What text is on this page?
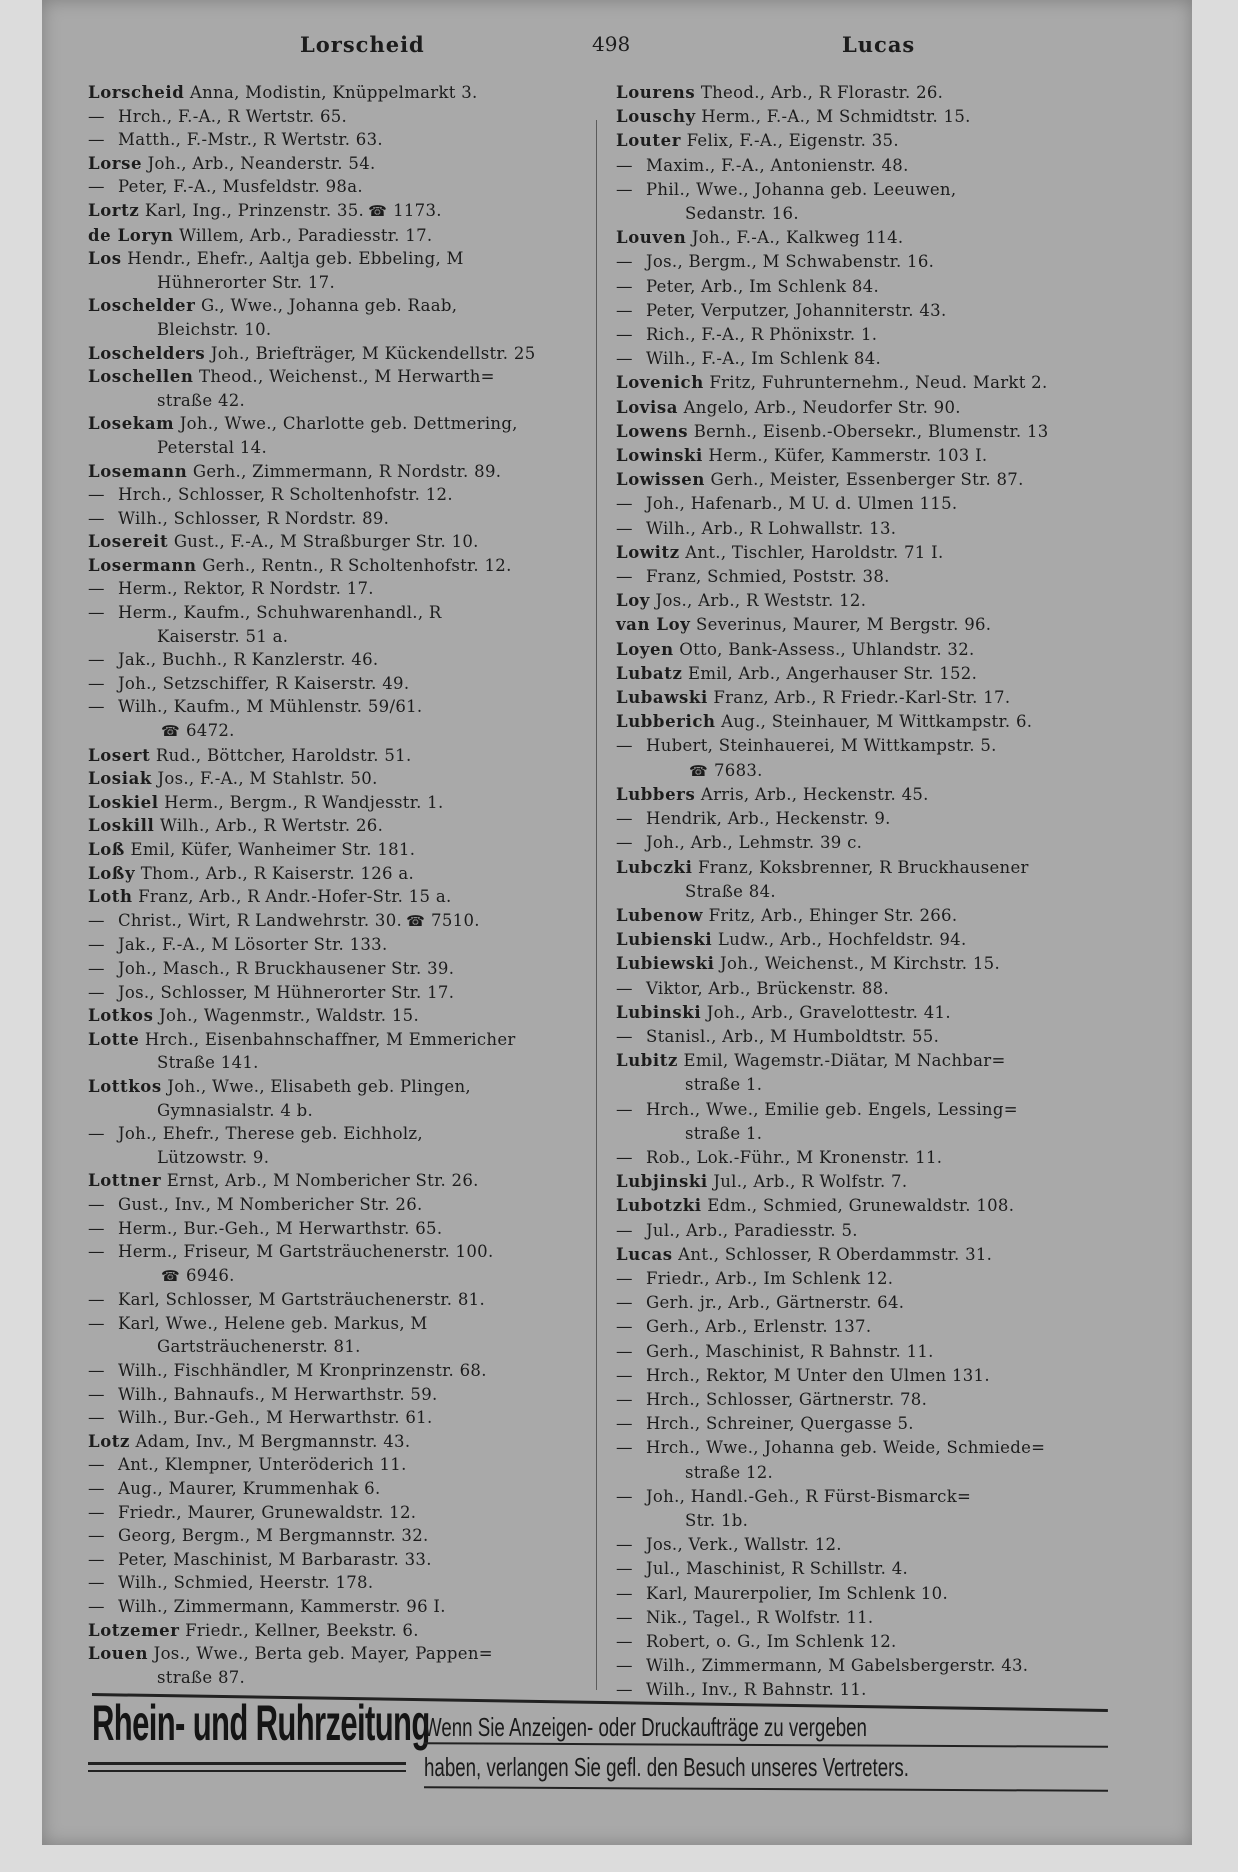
Lorscheid	498	Lucas
Lorscheid Anna, Modistin, Knüppelmarkt 3.
— Hrch., F.-A., R Wertstr. 65.
— Matth., F.-Mstr., R Wertstr. 63.
Lorse Joh., Arb., Neanderstr. 54.
— Peter, F.-A., Musfeldstr. 98a.
Lortz Karl, Ing., Prinzenstr. 35. ☎ 1173.
de Loryn Willem, Arb., Paradiesstr. 17.
Los Hendr., Ehefr., Aaltja geb. Ebbeling, M
Hühnerorter Str. 17.
Loschelder G., Wwe., Johanna geb. Raab,
Bleichstr. 10.
Loschelders Joh., Briefträger, M Kückendellstr. 25
Loschellen Theod., Weichenst., M Herwarth=
straße 42.
Losekam Joh., Wwe., Charlotte geb. Dettmering,
Peterstal 14.
Losemann Gerh., Zimmermann, R Nordstr. 89.
— Hrch., Schlosser, R Scholtenhofstr. 12.
— Wilh., Schlosser, R Nordstr. 89.
Losereit Gust., F.-A., M Straßburger Str. 10.
Losermann Gerh., Rentn., R Scholtenhofstr. 12.
— Herm., Rektor, R Nordstr. 17.
— Herm., Kaufm., Schuhwarenhandl., R
Kaiserstr. 51 a.
— Jak., Buchh., R Kanzlerstr. 46.
— Joh., Setzschiffer, R Kaiserstr. 49.
— Wilh., Kaufm., M Mühlenstr. 59/61.
☎ 6472.
Losert Rud., Böttcher, Haroldstr. 51.
Losiak Jos., F.-A., M Stahlstr. 50.
Loskiel Herm., Bergm., R Wandjesstr. 1.
Loskill Wilh., Arb., R Wertstr. 26.
Loß Emil, Küfer, Wanheimer Str. 181.
Loßy Thom., Arb., R Kaiserstr. 126 a.
Loth Franz, Arb., R Andr.-Hofer-Str. 15 a.
— Christ., Wirt, R Landwehrstr. 30. ☎ 7510.
— Jak., F.-A., M Lösorter Str. 133.
— Joh., Masch., R Bruckhausener Str. 39.
— Jos., Schlosser, M Hühnerorter Str. 17.
Lotkos Joh., Wagenmstr., Waldstr. 15.
Lotte Hrch., Eisenbahnschaffner, M Emmericher
Straße 141.
Lottkos Joh., Wwe., Elisabeth geb. Plingen,
Gymnasialstr. 4 b.
— Joh., Ehefr., Therese geb. Eichholz,
Lützowstr. 9.
Lottner Ernst, Arb., M Nombericher Str. 26.
— Gust., Inv., M Nombericher Str. 26.
— Herm., Bur.-Geh., M Herwarthstr. 65.
— Herm., Friseur, M Gartsträuchenerstr. 100.
☎ 6946.
— Karl, Schlosser, M Gartsträuchenerstr. 81.
— Karl, Wwe., Helene geb. Markus, M
Gartsträuchenerstr. 81.
— Wilh., Fischhändler, M Kronprinzenstr. 68.
— Wilh., Bahnaufs., M Herwarthstr. 59.
— Wilh., Bur.-Geh., M Herwarthstr. 61.
Lotz Adam, Inv., M Bergmannstr. 43.
— Ant., Klempner, Unteröderich 11.
— Aug., Maurer, Krummenhak 6.
— Friedr., Maurer, Grunewaldstr. 12.
— Georg, Bergm., M Bergmannstr. 32.
— Peter, Maschinist, M Barbarastr. 33.
— Wilh., Schmied, Heerstr. 178.
— Wilh., Zimmermann, Kammerstr. 96 I.
Lotzemer Friedr., Kellner, Beekstr. 6.
Louen Jos., Wwe., Berta geb. Mayer, Pappen=
straße 87.
Lourens Theod., Arb., R Florastr. 26.
Louschy Herm., F.-A., M Schmidtstr. 15.
Louter Felix, F.-A., Eigenstr. 35.
— Maxim., F.-A., Antonienstr. 48.
— Phil., Wwe., Johanna geb. Leeuwen,
Sedanstr. 16.
Louven Joh., F.-A., Kalkweg 114.
— Jos., Bergm., M Schwabenstr. 16.
— Peter, Arb., Im Schlenk 84.
— Peter, Verputzer, Johanniterstr. 43.
— Rich., F.-A., R Phönixstr. 1.
— Wilh., F.-A., Im Schlenk 84.
Lovenich Fritz, Fuhrunternehm., Neud. Markt 2.
Lovisa Angelo, Arb., Neudorfer Str. 90.
Lowens Bernh., Eisenb.-Obersekr., Blumenstr. 13
Lowinski Herm., Küfer, Kammerstr. 103 I.
Lowissen Gerh., Meister, Essenberger Str. 87.
— Joh., Hafenarb., M U. d. Ulmen 115.
— Wilh., Arb., R Lohwallstr. 13.
Lowitz Ant., Tischler, Haroldstr. 71 I.
— Franz, Schmied, Poststr. 38.
Loy Jos., Arb., R Weststr. 12.
van Loy Severinus, Maurer, M Bergstr. 96.
Loyen Otto, Bank-Assess., Uhlandstr. 32.
Lubatz Emil, Arb., Angerhauser Str. 152.
Lubawski Franz, Arb., R Friedr.-Karl-Str. 17.
Lubberich Aug., Steinhauer, M Wittkampstr. 6.
— Hubert, Steinhauerei, M Wittkampstr. 5.
☎ 7683.
Lubbers Arris, Arb., Heckenstr. 45.
— Hendrik, Arb., Heckenstr. 9.
— Joh., Arb., Lehmstr. 39 c.
Lubczki Franz, Koksbrenner, R Bruckhausener
Straße 84.
Lubenow Fritz, Arb., Ehinger Str. 266.
Lubienski Ludw., Arb., Hochfeldstr. 94.
Lubiewski Joh., Weichenst., M Kirchstr. 15.
— Viktor, Arb., Brückenstr. 88.
Lubinski Joh., Arb., Gravelottestr. 41.
— Stanisl., Arb., M Humboldtstr. 55.
Lubitz Emil, Wagemstr.-Diätar, M Nachbar=
straße 1.
— Hrch., Wwe., Emilie geb. Engels, Lessing=
straße 1.
— Rob., Lok.-Führ., M Kronenstr. 11.
Lubjinski Jul., Arb., R Wolfstr. 7.
Lubotzki Edm., Schmied, Grunewaldstr. 108.
— Jul., Arb., Paradiesstr. 5.
Lucas Ant., Schlosser, R Oberdammstr. 31.
— Friedr., Arb., Im Schlenk 12.
— Gerh. jr., Arb., Gärtnerstr. 64.
— Gerh., Arb., Erlenstr. 137.
— Gerh., Maschinist, R Bahnstr. 11.
— Hrch., Rektor, M Unter den Ulmen 131.
— Hrch., Schlosser, Gärtnerstr. 78.
— Hrch., Schreiner, Quergasse 5.
— Hrch., Wwe., Johanna geb. Weide, Schmiede=
straße 12.
— Joh., Handl.-Geh., R Fürst-Bismarck=
Str. 1b.
— Jos., Verk., Wallstr. 12.
— Jul., Maschinist, R Schillstr. 4.
— Karl, Maurerpolier, Im Schlenk 10.
— Nik., Tagel., R Wolfstr. 11.
— Robert, o. G., Im Schlenk 12.
— Wilh., Zimmermann, M Gabelsbergerstr. 43.
— Wilh., Inv., R Bahnstr. 11.
Rhein- und Ruhrzeitung
Wenn Sie Anzeigen- oder Druckaufträge zu vergeben
haben, verlangen Sie gefl. den Besuch unseres Vertreters.
